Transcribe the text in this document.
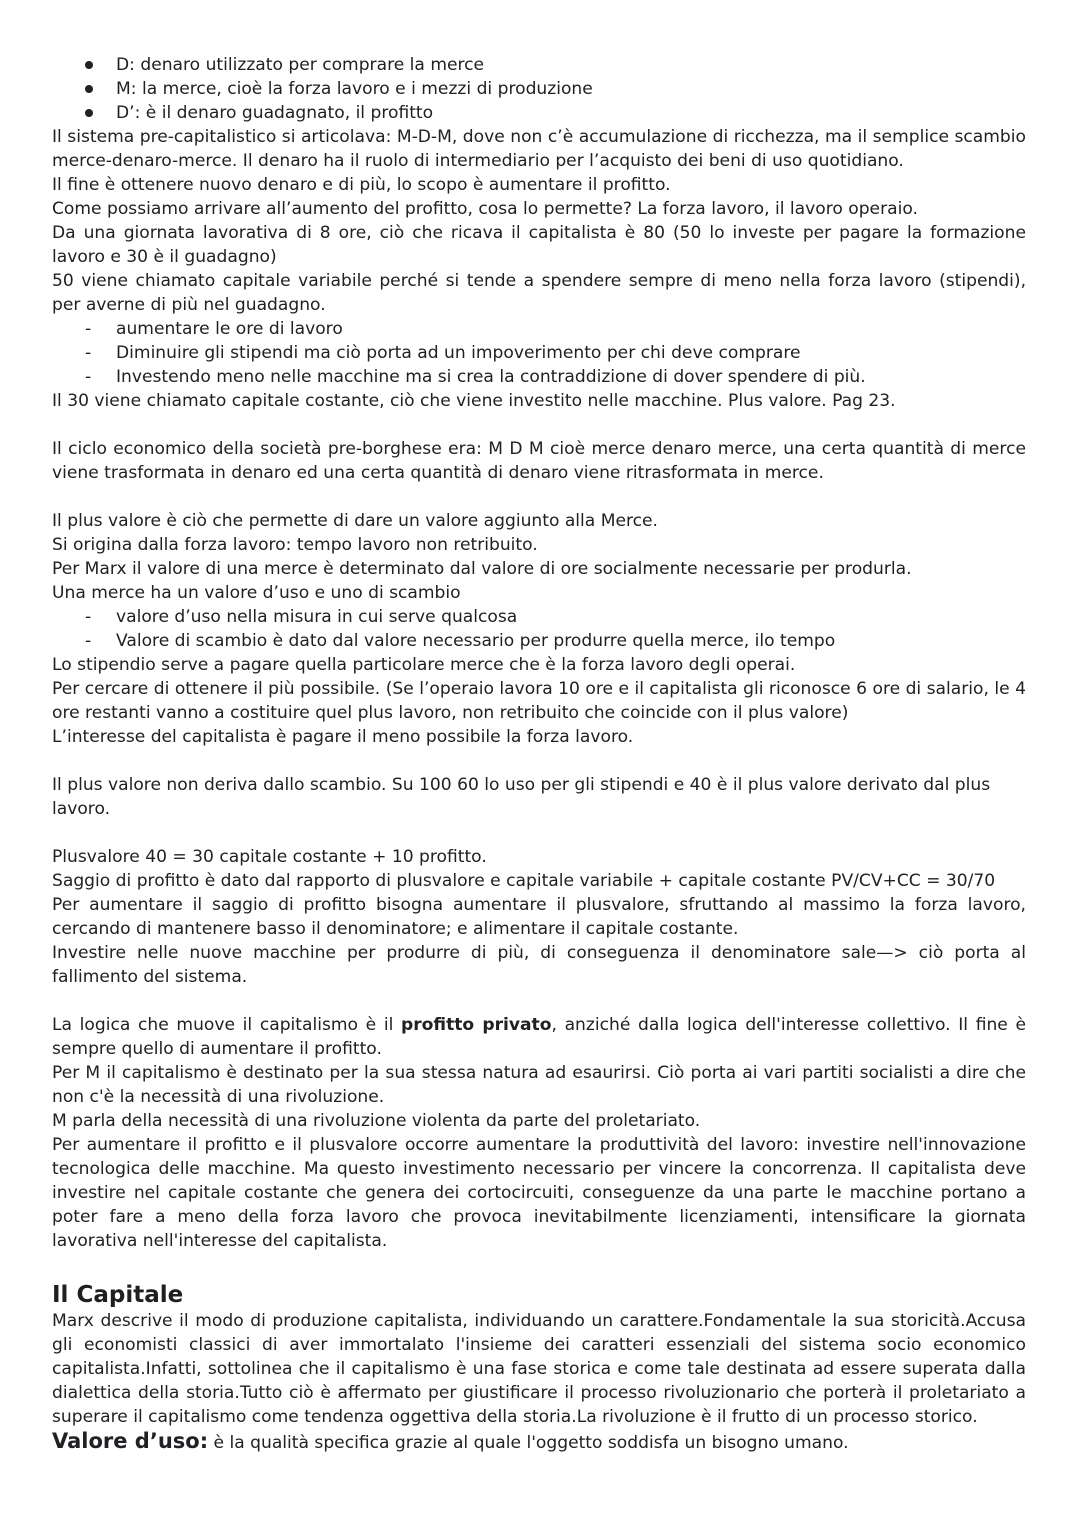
D: denaro utilizzato per comprare la merce
M: la merce, cioè la forza lavoro e i mezzi di produzione
D’: è il denaro guadagnato, il profitto

Il sistema pre-capitalistico si articolava: M-D-M, dove non c’è accumulazione di ricchezza, ma il semplice scambio merce-denaro-merce. Il denaro ha il ruolo di intermediario per l’acquisto dei beni di uso quotidiano.

Il fine è ottenere nuovo denaro e di più, lo scopo è aumentare il profitto.

Come possiamo arrivare all’aumento del profitto, cosa lo permette? La forza lavoro, il lavoro operaio.

Da una giornata lavorativa di 8 ore, ciò che ricava il capitalista è 80 (50 lo investe per pagare la formazione lavoro e 30 è il guadagno)

50 viene chiamato capitale variabile perché si tende a spendere sempre di meno nella forza lavoro (stipendi), per averne di più nel guadagno.

- aumentare le ore di lavoro
- Diminuire gli stipendi ma ciò porta ad un impoverimento per chi deve comprare
- Investendo meno nelle macchine ma si crea la contraddizione di dover spendere di più.

Il 30 viene chiamato capitale costante, ciò che viene investito nelle macchine. Plus valore. Pag 23.

Il ciclo economico della società pre-borghese era: M D M cioè merce denaro merce, una certa quantità di merce viene trasformata in denaro ed una certa quantità di denaro viene ritrasformata in merce.

Il plus valore è ciò che permette di dare un valore aggiunto alla Merce.

Si origina dalla forza lavoro: tempo lavoro non retribuito.

Per Marx il valore di una merce è determinato dal valore di ore socialmente necessarie per produrla.

Una merce ha un valore d’uso e uno di scambio

- valore d’uso nella misura in cui serve qualcosa
- Valore di scambio è dato dal valore necessario per produrre quella merce, ilo tempo

Lo stipendio serve a pagare quella particolare merce che è la forza lavoro degli operai.

Per cercare di ottenere il più possibile. (Se l’operaio lavora 10 ore e il capitalista gli riconosce 6 ore di salario, le 4 ore restanti vanno a costituire quel plus lavoro, non retribuito che coincide con il plus valore)

L’interesse del capitalista è pagare il meno possibile la forza lavoro.

Il plus valore non deriva dallo scambio. Su 100 60 lo uso per gli stipendi e 40 è il plus valore derivato dal plus lavoro.

Plusvalore 40 = 30 capitale costante + 10 profitto.

Saggio di profitto è dato dal rapporto di plusvalore e capitale variabile + capitale costante PV/CV+CC = 30/70

Per aumentare il saggio di profitto bisogna aumentare il plusvalore, sfruttando al massimo la forza lavoro, cercando di mantenere basso il denominatore; e alimentare il capitale costante.

Investire nelle nuove macchine per produrre di più, di conseguenza il denominatore sale—> ciò porta al fallimento del sistema.

La logica che muove il capitalismo è il profitto privato, anziché dalla logica dell'interesse collettivo. Il fine è sempre quello di aumentare il profitto.

Per M il capitalismo è destinato per la sua stessa natura ad esaurirsi. Ciò porta ai vari partiti socialisti a dire che non c'è la necessità di una rivoluzione.

M parla della necessità di una rivoluzione violenta da parte del proletariato.

Per aumentare il profitto e il plusvalore occorre aumentare la produttività del lavoro: investire nell'innovazione tecnologica delle macchine. Ma questo investimento necessario per vincere la concorrenza. Il capitalista deve investire nel capitale costante che genera dei cortocircuiti, conseguenze da una parte le macchine portano a poter fare a meno della forza lavoro che provoca inevitabilmente licenziamenti, intensificare la giornata lavorativa nell'interesse del capitalista.

Il Capitale

Marx descrive il modo di produzione capitalista, individuando un carattere.Fondamentale la sua storicità.Accusa gli economisti classici di aver immortalato l'insieme dei caratteri essenziali del sistema socio economico capitalista.Infatti, sottolinea che il capitalismo è una fase storica e come tale destinata ad essere superata dalla dialettica della storia.Tutto ciò è affermato per giustificare il processo rivoluzionario che porterà il proletariato a superare il capitalismo come tendenza oggettiva della storia.La rivoluzione è il frutto di un processo storico.

Valore d’uso: è la qualità specifica grazie al quale l'oggetto soddisfa un bisogno umano.
